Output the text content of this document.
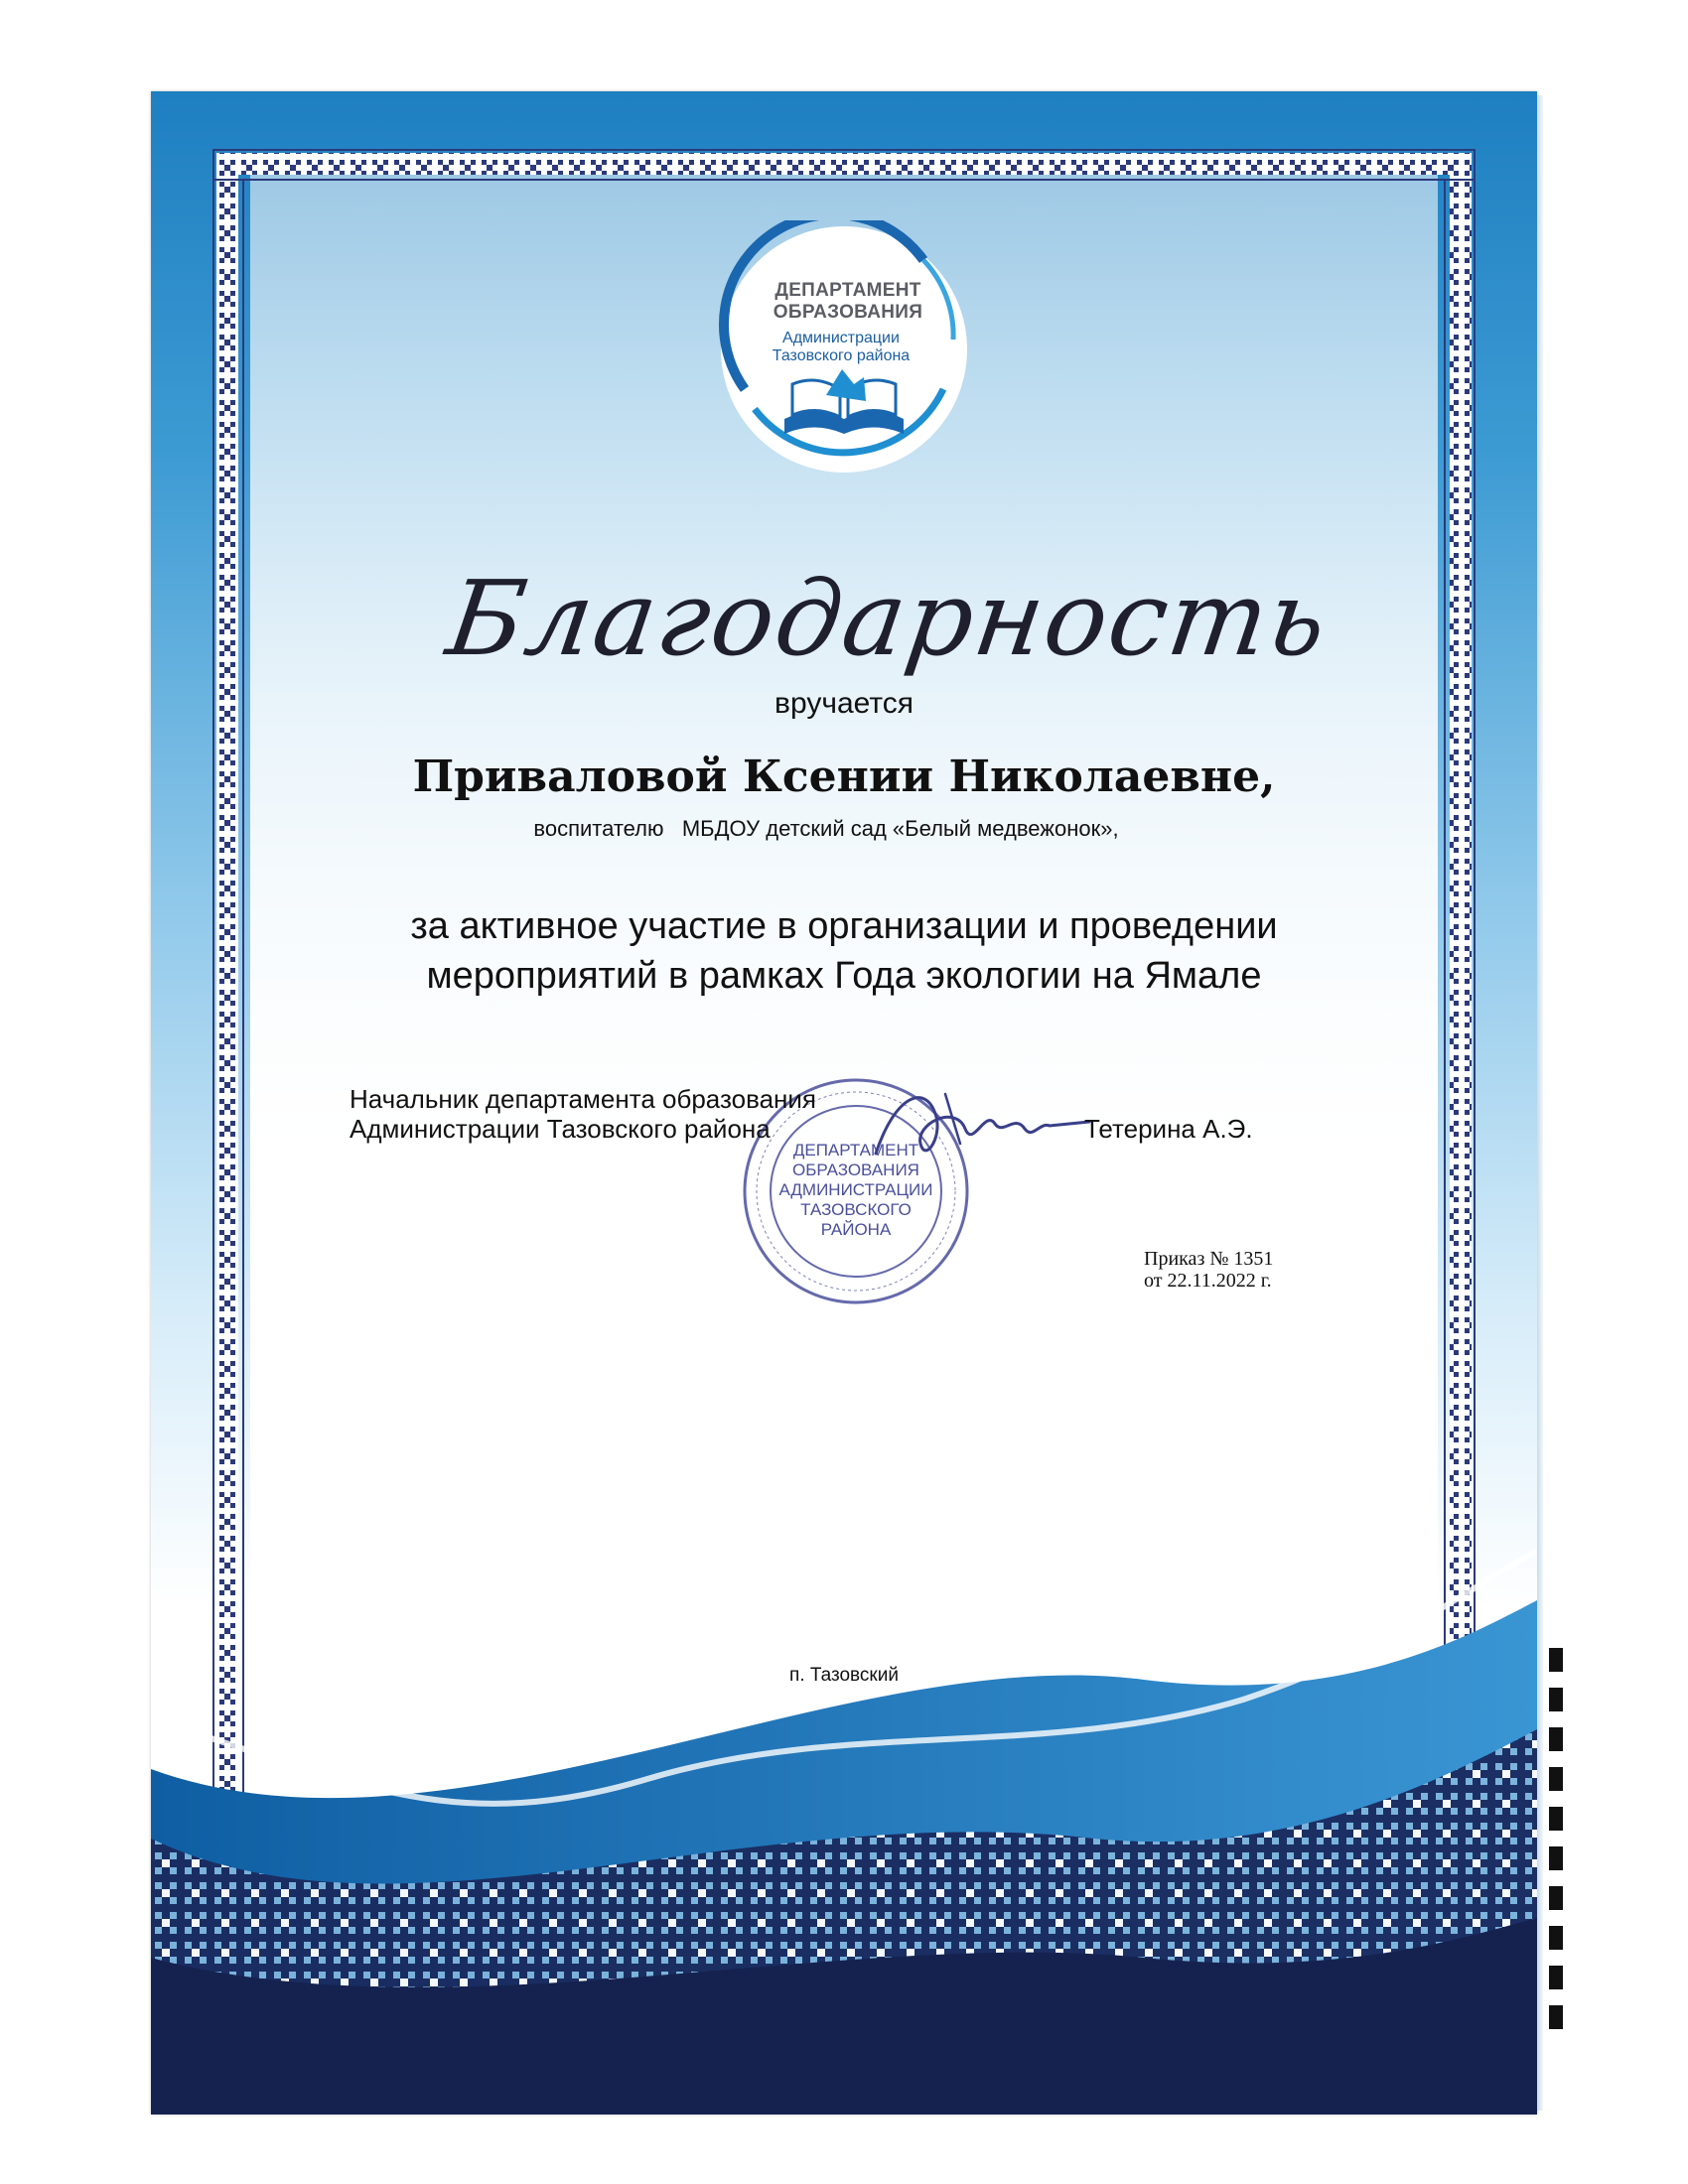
ДЕПАРТАМЕНТ
ОБРАЗОВАНИЯ
Администрации
Тазовского района
Благодарность
вручается
Приваловой Ксении Николаевне,
воспитателю   МБДОУ детский сад «Белый медвежонок»,
за активное участие в организации и проведении
мероприятий в рамках Года экологии на Ямале
ДЕПАРТАМЕНТ
ОБРАЗОВАНИЯ
АДМИНИСТРАЦИИ
ТАЗОВСКОГО
РАЙОНА
Начальник департамента образования
Администрации Тазовского района	Тетерина А.Э.
Приказ № 1351
от 22.11.2022 г.
п. Тазовский
